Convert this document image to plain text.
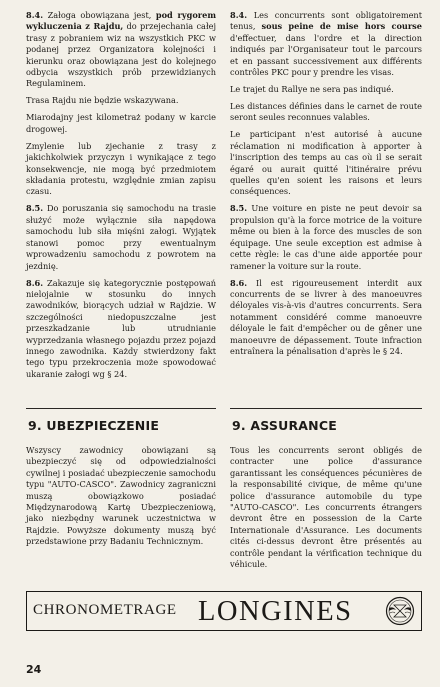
8.4. Załoga obowiązana jest, pod rygorem wykluczenia z Rajdu, do przejechania całej trasy z pobraniem wiz na wszystkich PKC w podanej przez Organizatora kolejności i kierunku oraz obowiązana jest do kolejnego odbycia wszystkich prób przewidzianych Regulaminem.

Trasa Rajdu nie będzie wskazywana.

Miarodajny jest kilometraż podany w karcie drogowej.

Zmylenie lub zjechanie z trasy z jakichkolwiek przyczyn i wynikające z tego konsekwencje, nie mogą być przedmiotem składania protestu, względnie zmian zapisu czasu.

8.5. Do poruszania się samochodu na trasie służyć może wyłącznie siła napędowa samochodu lub siła mięśni załogi. Wyjątek stanowi pomoc przy ewentualnym wprowadzeniu samochodu z powrotem na jezdnię.

8.6. Zakazuje się kategorycznie postępowań nielojalnie w stosunku do innych zawodników, biorących udział w Rajdzie. W szczególności niedopuszczalne jest przeszkadzanie lub utrudnianie wyprzedzania własnego pojazdu przez pojazd innego zawodnika. Każdy stwierdzony fakt tego typu przekroczenia może spowodować ukaranie załogi wg § 24.

8.4. Les concurrents sont obligatoirement tenus, sous peine de mise hors course d'effectuer, dans l'ordre et la direction indiqués par l'Organisateur tout le parcours et en passant successivement aux différents contrôles PKC pour y prendre les visas.

Le trajet du Rallye ne sera pas indiqué.

Les distances définies dans le carnet de route seront seules reconnues valables.

Le participant n'est autorisé à aucune réclamation ni modification à apporter à l'inscription des temps au cas où il se serait égaré ou aurait quitté l'itinéraire prévu quelles qu'en soient les raisons et leurs conséquences.

8.5. Une voiture en piste ne peut devoir sa propulsion qu'à la force motrice de la voiture même ou bien à la force des muscles de son équipage. Une seule exception est admise à cette règle: le cas d'une aide apportée pour ramener la voiture sur la route.

8.6. Il est rigoureusement interdit aux concurrents de se livrer à des manoeuvres déloyales vis-à-vis d'autres concurrents. Sera notamment considéré comme manoeuvre déloyale le fait d'empêcher ou de gêner une manoeuvre de dépassement. Toute infraction entraînera la pénalisation d'après le § 24.

9. UBEZPIECZENIE	9. ASSURANCE
Wszyscy zawodnicy obowiązani są ubezpieczyć się od odpowiedzialności cywilnej i posiadać ubezpieczenie samochodu typu "AUTO-CASCO". Zawodnicy zagraniczni muszą obowiązkowo posiadać Międzynarodową Kartę Ubezpieczeniową, jako niezbędny warunek uczestnictwa w Rajdzie. Powyższe dokumenty muszą być przedstawione przy Badaniu Technicznym.
Tous les concurrents seront obligés de contracter une police d'assurance garantissant les conséquences pécunières de la responsabilité civique, de même qu'une police d'assurance automobile du type "AUTO-CASCO". Les concurrents étrangers devront être en possession de la Carte Internationale d'Assurance. Les documents cités ci-dessus devront être présentés au contrôle pendant la vérification technique du véhicule.
CHRONOMETRAGE LONGINES
24
